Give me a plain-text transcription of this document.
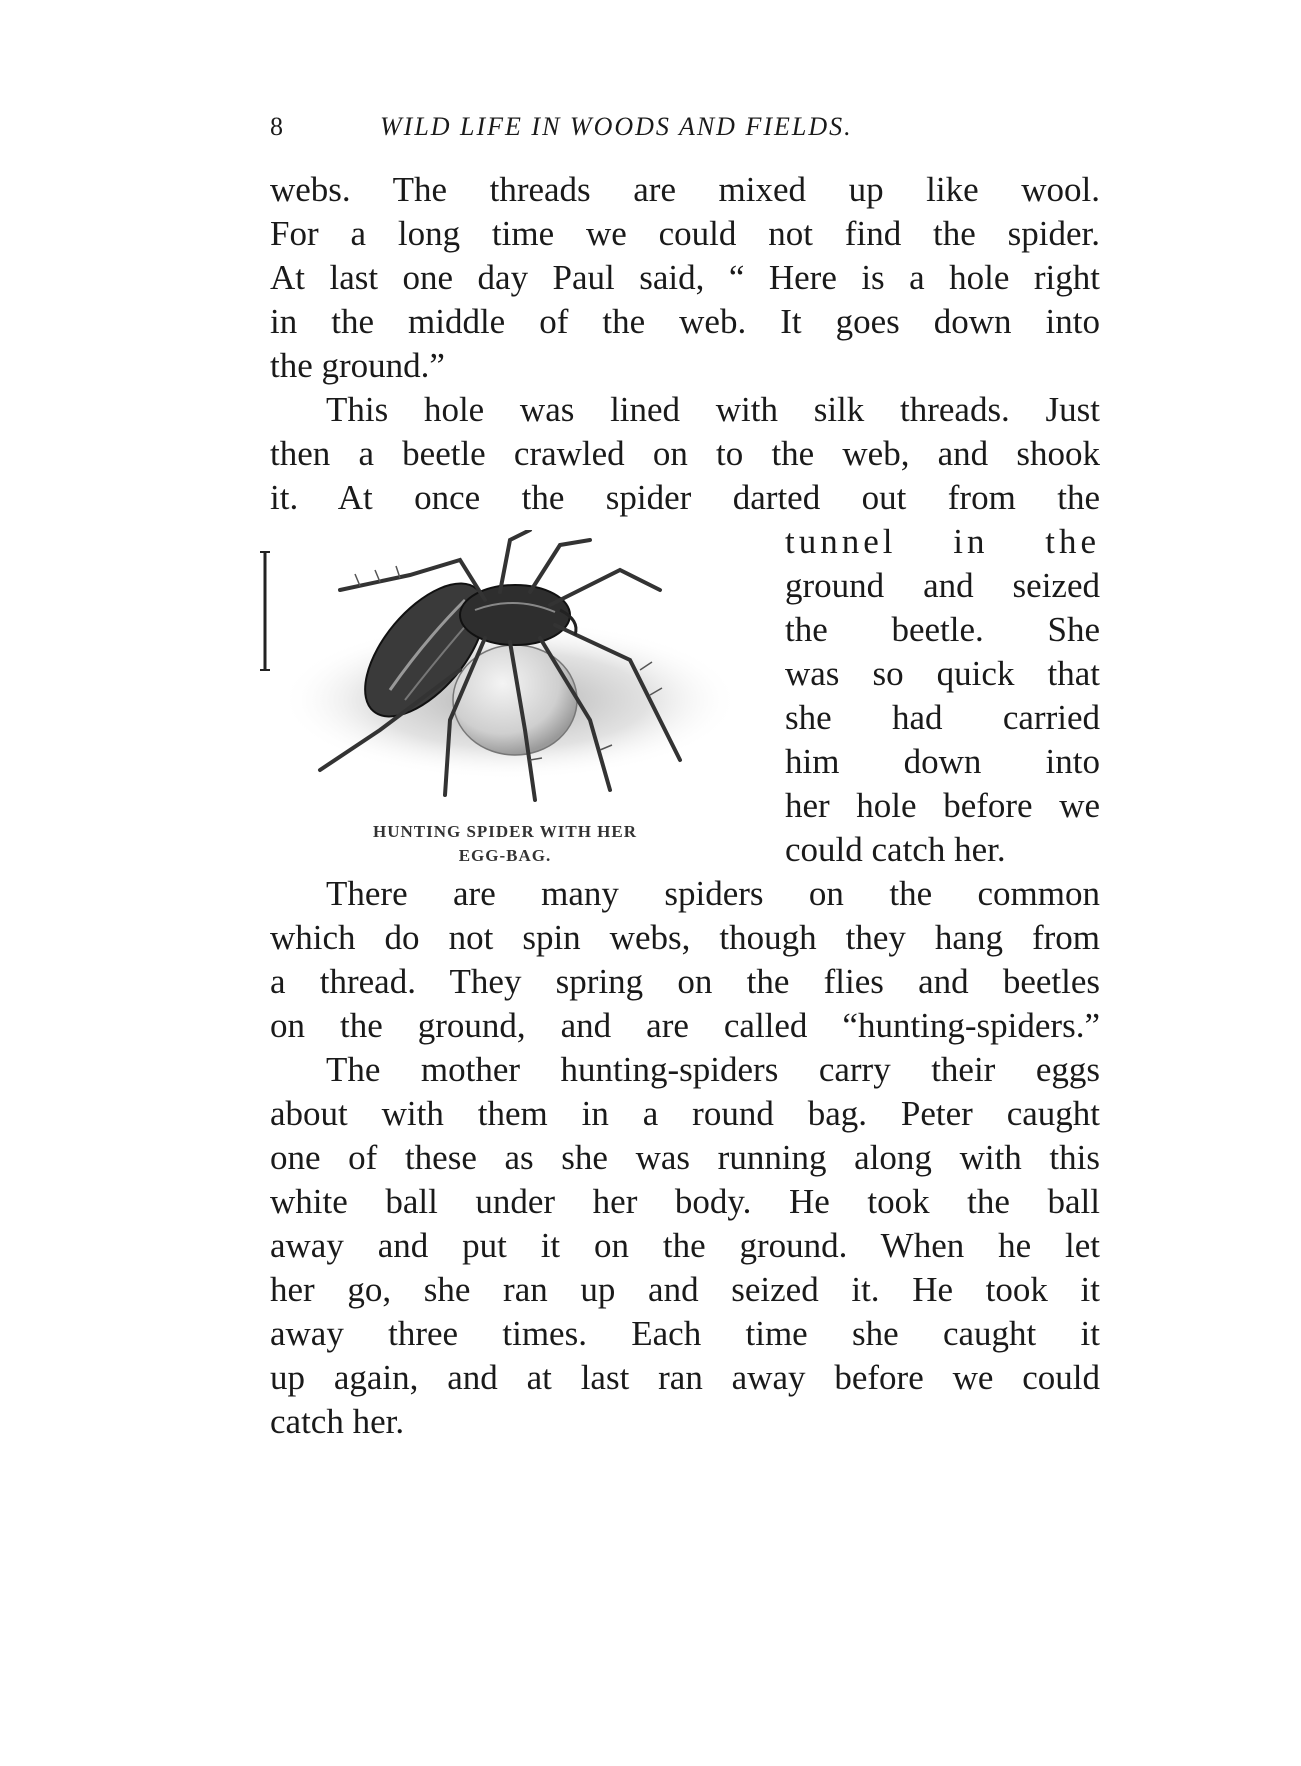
8	WILD LIFE IN WOODS AND FIELDS.
webs. The threads are mixed up like wool.
For a long time we could not find the spider.
At last one day Paul said, “ Here is a hole right
in the middle of the web. It goes down into
the ground.”
This hole was lined with silk threads. Just
then a beetle crawled on to the web, and shook
it. At once the spider darted out from the
HUNTING SPIDER WITH HER
EGG-BAG.
tunnel in the
ground and seized
the beetle. She
was so quick that
she had carried
him down into
her hole before we
could catch her.
There are many spiders on the common
which do not spin webs, though they hang from
a thread. They spring on the flies and beetles
on the ground, and are called “hunting-spiders.”
The mother hunting-spiders carry their eggs
about with them in a round bag. Peter caught
one of these as she was running along with this
white ball under her body. He took the ball
away and put it on the ground. When he let
her go, she ran up and seized it. He took it
away three times. Each time she caught it
up again, and at last ran away before we could
catch her.
